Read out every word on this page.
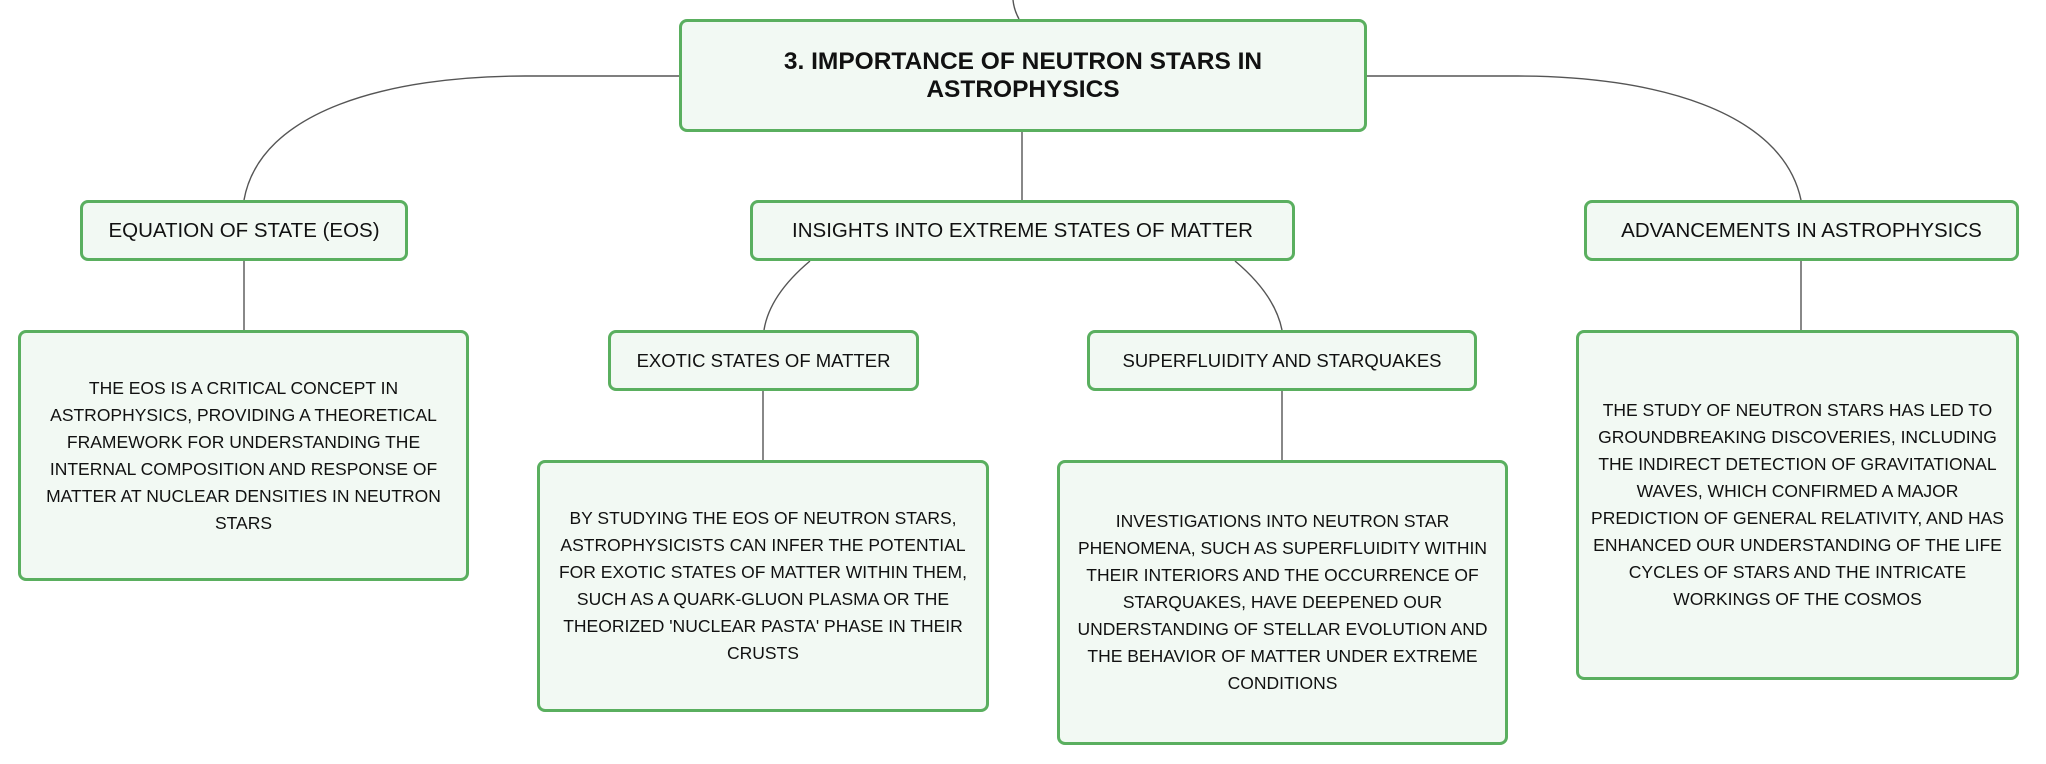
3. IMPORTANCE OF NEUTRON STARS IN ASTROPHYSICS
EQUATION OF STATE (EOS)	INSIGHTS INTO EXTREME STATES OF MATTER	ADVANCEMENTS IN ASTROPHYSICS
EXOTIC STATES OF MATTER	SUPERFLUIDITY AND STARQUAKES
THE EOS IS A CRITICAL CONCEPT IN ASTROPHYSICS, PROVIDING A THEORETICAL FRAMEWORK FOR UNDERSTANDING THE INTERNAL COMPOSITION AND RESPONSE OF MATTER AT NUCLEAR DENSITIES IN NEUTRON STARS	BY STUDYING THE EOS OF NEUTRON STARS, ASTROPHYSICISTS CAN INFER THE POTENTIAL FOR EXOTIC STATES OF MATTER WITHIN THEM, SUCH AS A QUARK-GLUON PLASMA OR THE THEORIZED 'NUCLEAR PASTA' PHASE IN THEIR CRUSTS
INVESTIGATIONS INTO NEUTRON STAR PHENOMENA, SUCH AS SUPERFLUIDITY WITHIN THEIR INTERIORS AND THE OCCURRENCE OF STARQUAKES, HAVE DEEPENED OUR UNDERSTANDING OF STELLAR EVOLUTION AND THE BEHAVIOR OF MATTER UNDER EXTREME CONDITIONS
THE STUDY OF NEUTRON STARS HAS LED TO GROUNDBREAKING DISCOVERIES, INCLUDING THE INDIRECT DETECTION OF GRAVITATIONAL WAVES, WHICH CONFIRMED A MAJOR PREDICTION OF GENERAL RELATIVITY, AND HAS ENHANCED OUR UNDERSTANDING OF THE LIFE CYCLES OF STARS AND THE INTRICATE WORKINGS OF THE COSMOS
